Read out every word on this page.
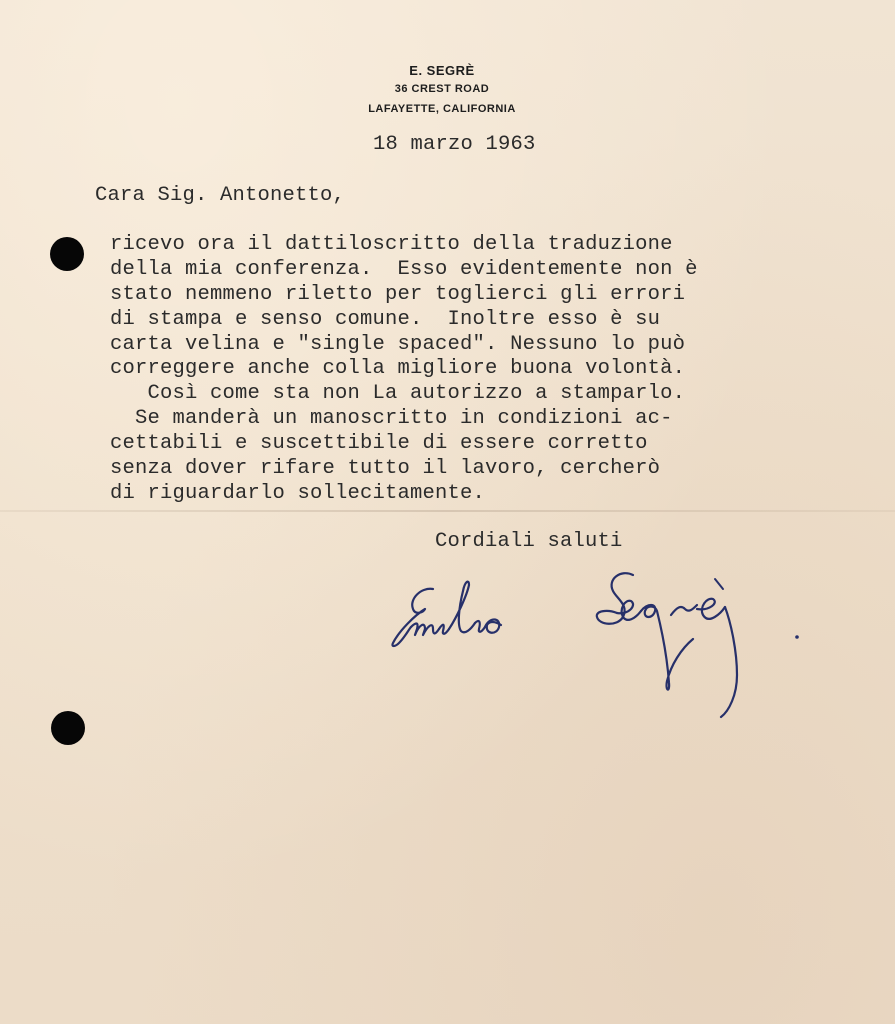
E. SEGRÈ
36 CREST ROAD
LAFAYETTE, CALIFORNIA
18 marzo 1963
Cara Sig. Antonetto,
ricevo ora il dattiloscritto della traduzione
della mia conferenza.  Esso evidentemente non è
stato nemmeno riletto per toglierci gli errori
di stampa e senso comune.  Inoltre esso è su
carta velina e "single spaced". Nessuno lo può
correggere anche colla migliore buona volontà.
Così come sta non La autorizzo a stamparlo.
Se manderà un manoscritto in condizioni ac-
cettabili e suscettibile di essere corretto
senza dover rifare tutto il lavoro, cercherò
di riguardarlo sollecitamente.
Cordiali saluti
